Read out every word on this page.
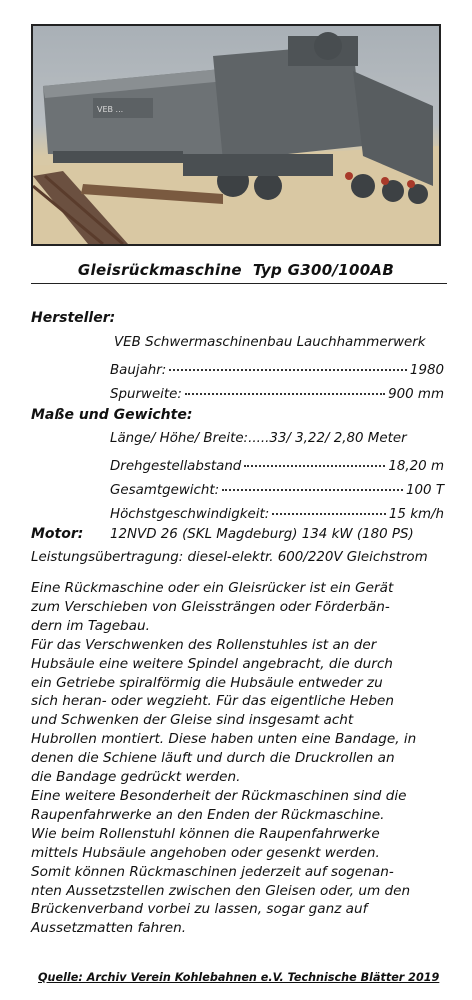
VEB ...
Gleisrückmaschine  Typ G300/100AB
Hersteller:
VEB Schwermaschinenbau Lauchhammerwerk
Baujahr:	1980
Spurweite:	900 mm
Maße und Gewichte:
Länge/ Höhe/ Breite:.....33/ 3,22/ 2,80 Meter
Drehgestellabstand	18,20 m
Gesamtgewicht:	100 T
Höchstgeschwindigkeit:	15 km/h
Motor: 12NVD 26 (SKL Magdeburg) 134 kW (180 PS)
Leistungsübertragung: diesel-elektr. 600/220V Gleichstrom
Eine Rückmaschine oder ein Gleisrücker ist ein Gerät
zum Verschieben von Gleissträngen oder Förderbän-
dern im Tagebau.
Für das Verschwenken des Rollenstuhles ist an der
Hubsäule eine weitere Spindel angebracht, die durch
ein Getriebe spiralförmig die Hubsäule entweder zu
sich heran- oder wegzieht. Für das eigentliche Heben
und Schwenken der Gleise sind insgesamt acht
Hubrollen montiert. Diese haben unten eine Bandage, in
denen die Schiene läuft und durch die Druckrollen an
die Bandage gedrückt werden.
Eine weitere Besonderheit der Rückmaschinen sind die
Raupenfahrwerke an den Enden der Rückmaschine.
Wie beim Rollenstuhl können die Raupenfahrwerke
mittels Hubsäule angehoben oder gesenkt werden.
Somit können Rückmaschinen jederzeit auf sogenan-
nten Aussetzstellen zwischen den Gleisen oder, um den
Brückenverband vorbei zu lassen, sogar ganz auf
Aussetzmatten fahren.
Quelle: Archiv Verein Kohlebahnen e.V. Technische Blätter 2019
